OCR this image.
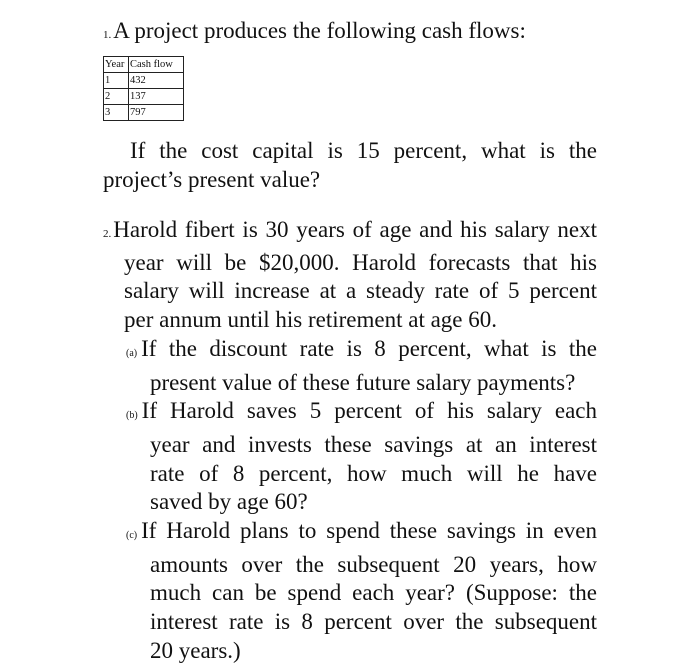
1.A project produces the following cash flows:
Year	Cash flow
1	432
2	137
3	797
If the cost capital is 15 percent, what is the
project’s present value?
2.Harold fibert is 30 years of age and his salary next
year will be $20,000. Harold forecasts that his
salary will increase at a steady rate of 5 percent
per annum until his retirement at age 60.
(a) If the discount rate is 8 percent, what is the
present value of these future salary payments?
(b) If Harold saves 5 percent of his salary each
year and invests these savings at an interest
rate of 8 percent, how much will he have
saved by age 60?
(c) If Harold plans to spend these savings in even
amounts over the subsequent 20 years, how
much can be spend each year? (Suppose: the
interest rate is 8 percent over the subsequent
20 years.)
